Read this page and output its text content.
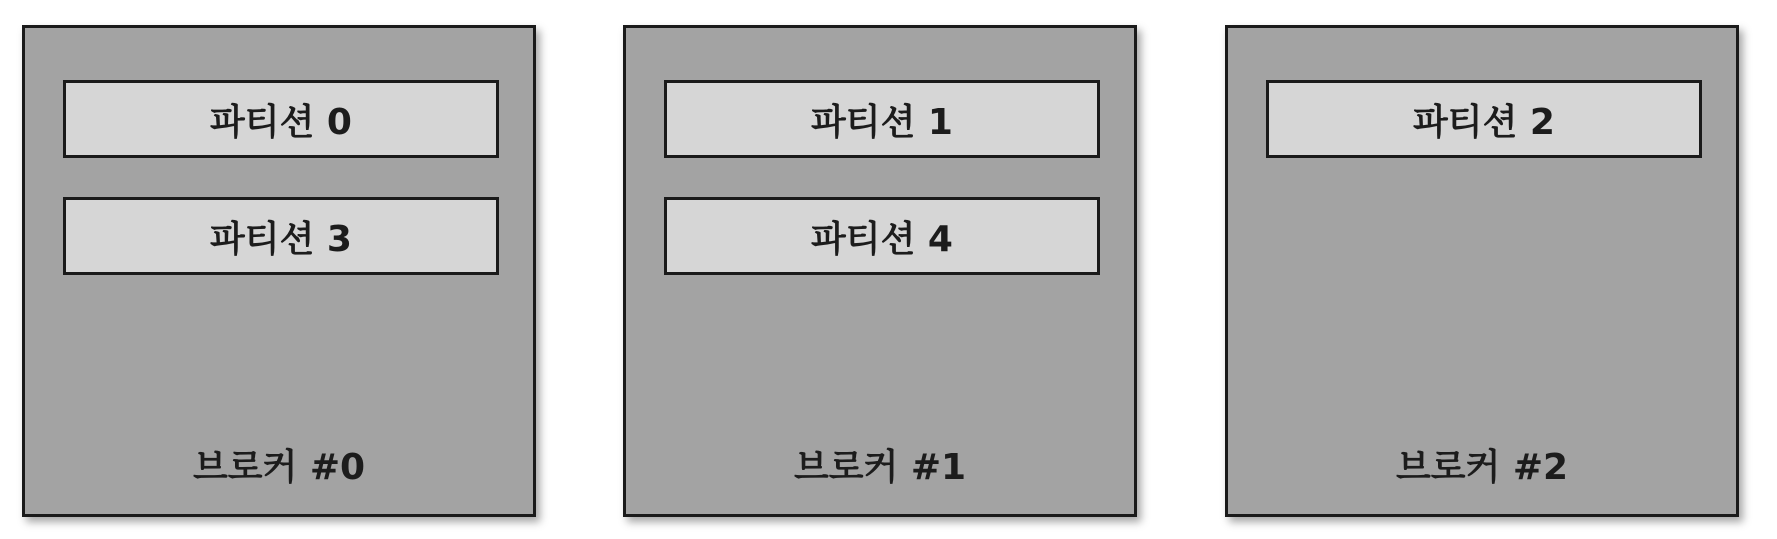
파티션 0
파티션 3
브로커 #0
파티션 1
파티션 4
브로커 #1
파티션 2
브로커 #2
